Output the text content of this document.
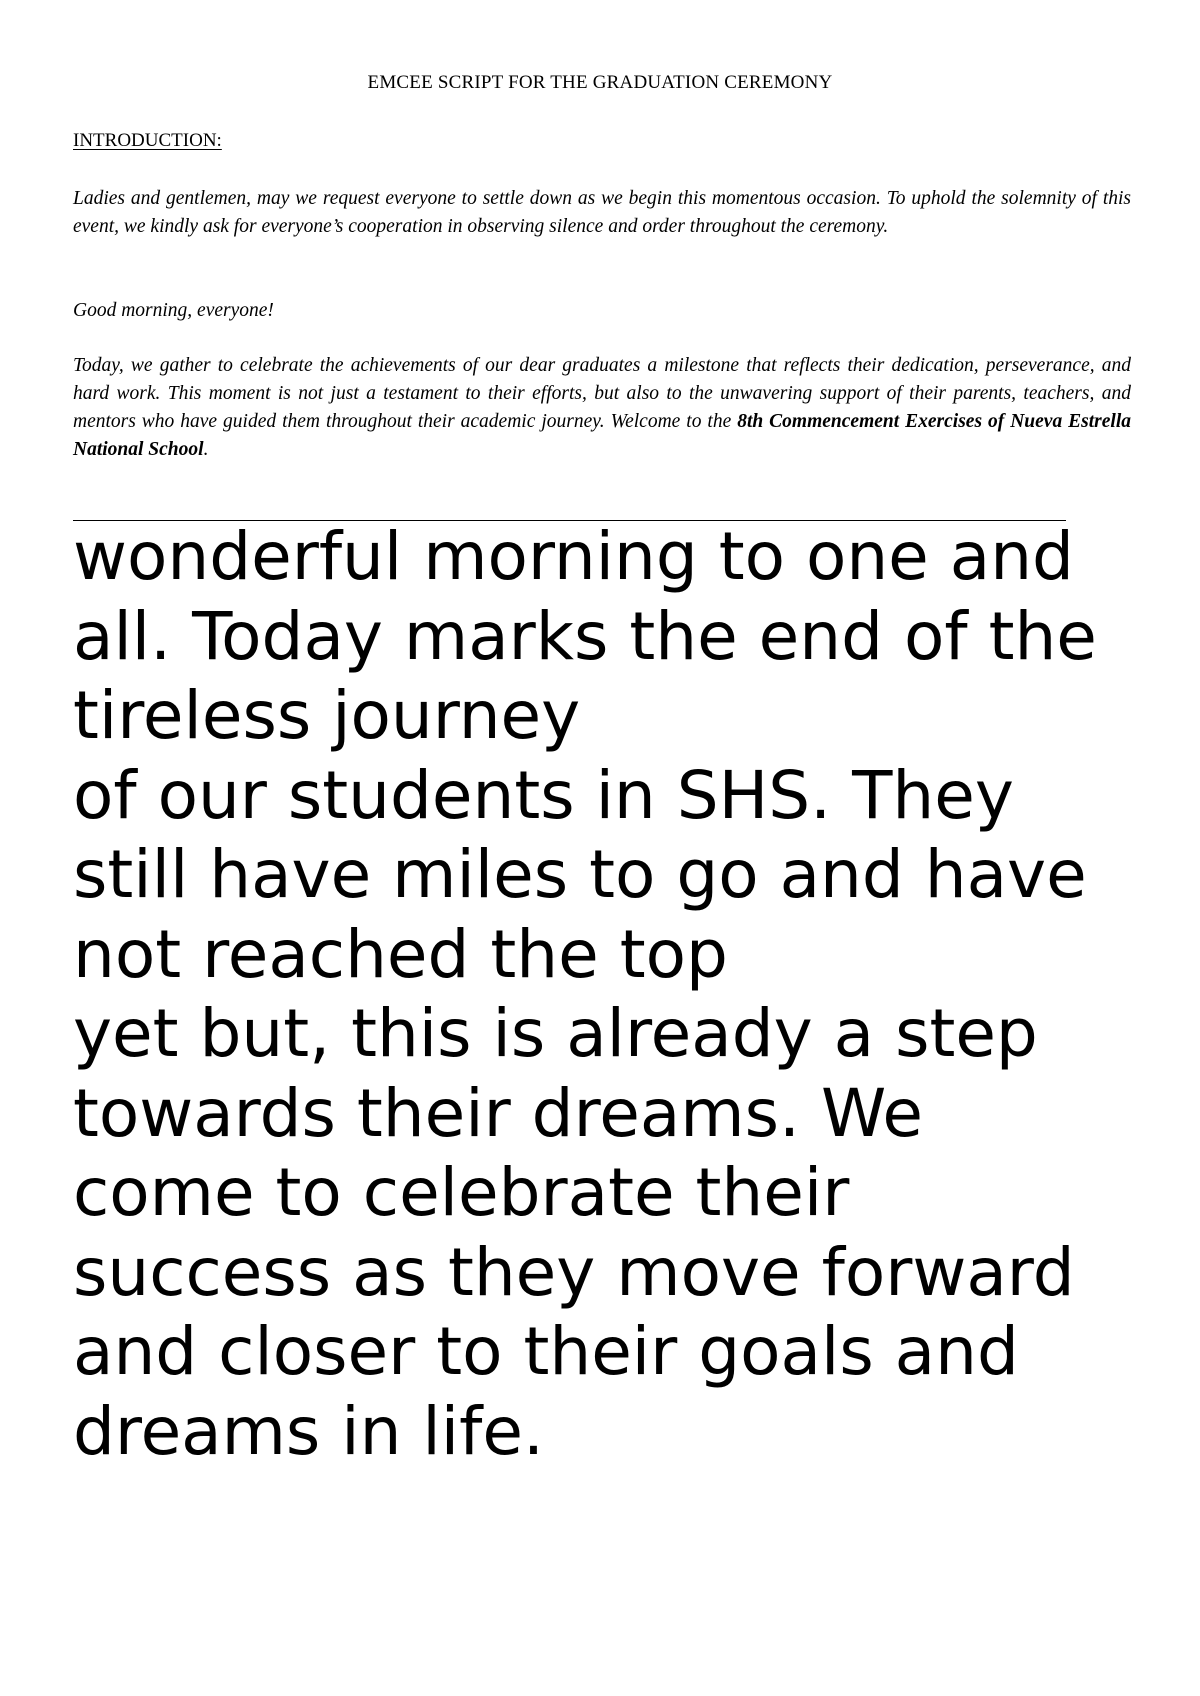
EMCEE SCRIPT FOR THE GRADUATION CEREMONY
INTRODUCTION:

Ladies and gentlemen, may we request everyone to settle down as we begin this momentous occasion. To uphold the solemnity of this event, we kindly ask for everyone’s cooperation in observing silence and order throughout the ceremony.

Good morning, everyone!

Today, we gather to celebrate the achievements of our dear graduates a milestone that reflects their dedication, perseverance, and hard work. This moment is not just a testament to their efforts, but also to the unwavering support of their parents, teachers, and mentors who have guided them throughout their academic journey. Welcome to the 8th Commencement Exercises of Nueva Estrella National School.

wonderful morning to one and
all. Today marks the end of the
tireless journey
of our students in SHS. They
still have miles to go and have
not reached the top
yet but, this is already a step
towards their dreams. We
come to celebrate their
success as they move forward
and closer to their goals and
dreams in life.
